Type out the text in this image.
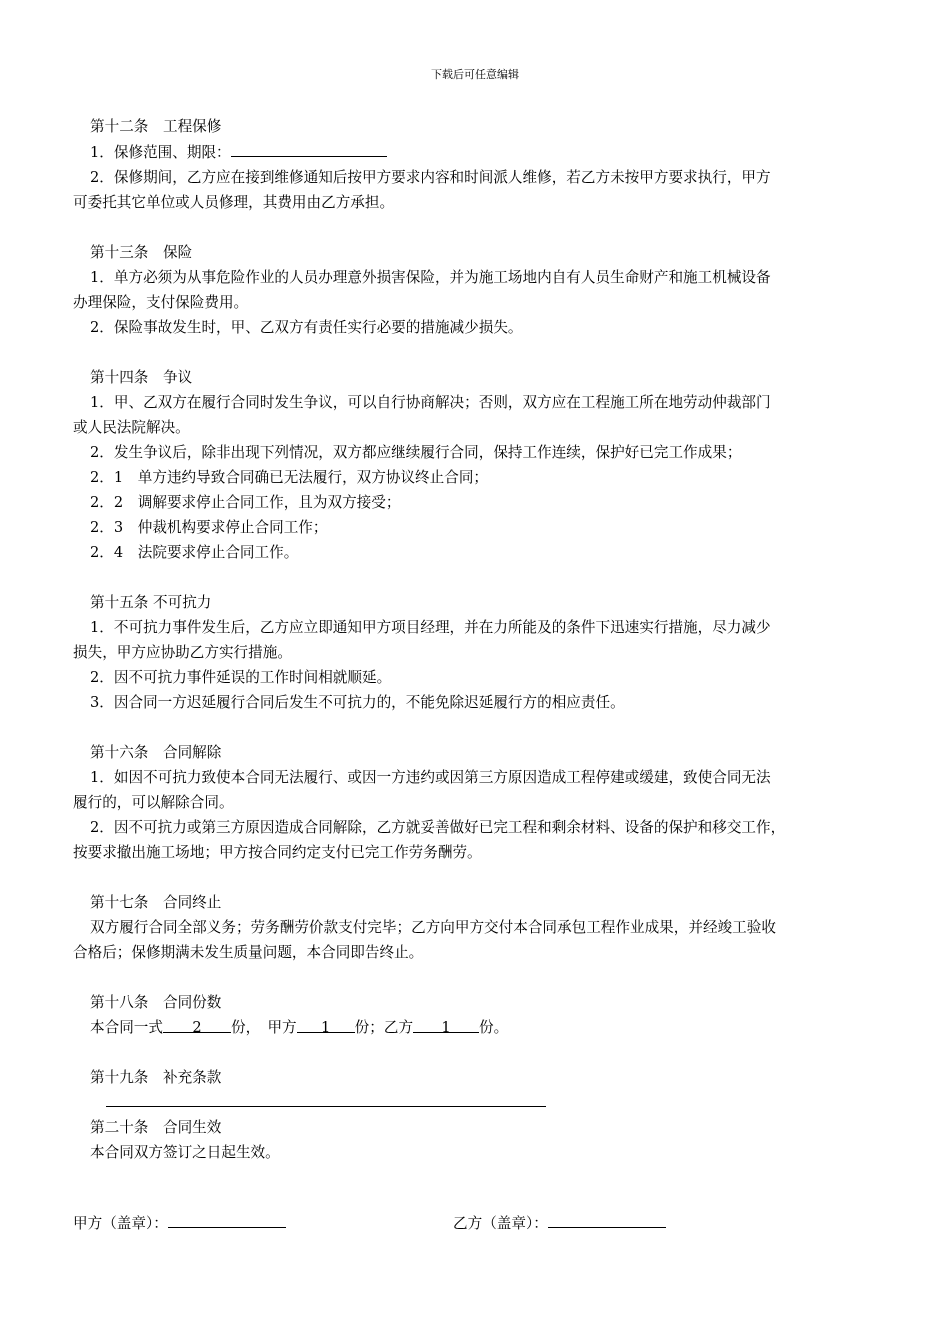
下载后可任意编辑
第十二条　工程保修
1．保修范围、期限：
2．保修期间，乙方应在接到维修通知后按甲方要求内容和时间派人维修，若乙方未按甲方要求执行，甲方
可委托其它单位或人员修理，其费用由乙方承担。
第十三条　保险
1．单方必须为从事危险作业的人员办理意外损害保险，并为施工场地内自有人员生命财产和施工机械设备
办理保险，支付保险费用。
2．保险事故发生时，甲、乙双方有责任实行必要的措施减少损失。
第十四条　争议
1．甲、乙双方在履行合同时发生争议，可以自行协商解决；否则，双方应在工程施工所在地劳动仲裁部门
或人民法院解决。
2．发生争议后，除非出现下列情况，双方都应继续履行合同，保持工作连续，保护好已完工作成果；
2．1　单方违约导致合同确已无法履行，双方协议终止合同；
2．2　调解要求停止合同工作，且为双方接受；
2．3　仲裁机构要求停止合同工作；
2．4　法院要求停止合同工作。
第十五条 不可抗力
1．不可抗力事件发生后，乙方应立即通知甲方项目经理，并在力所能及的条件下迅速实行措施，尽力减少
损失，甲方应协助乙方实行措施。
2．因不可抗力事件延误的工作时间相就顺延。
3．因合同一方迟延履行合同后发生不可抗力的，不能免除迟延履行方的相应责任。
第十六条　合同解除
1．如因不可抗力致使本合同无法履行、或因一方违约或因第三方原因造成工程停建或缓建，致使合同无法
履行的，可以解除合同。
2．因不可抗力或第三方原因造成合同解除，乙方就妥善做好已完工程和剩余材料、设备的保护和移交工作，
按要求撤出施工场地；甲方按合同约定支付已完工作劳务酬劳。
第十七条　合同终止
双方履行合同全部义务；劳务酬劳价款支付完毕；乙方向甲方交付本合同承包工程作业成果，并经竣工验收
合格后；保修期满未发生质量问题，本合同即告终止。
第十八条　合同份数
本合同一式 2 份，　甲方 1 份；乙方 1 份。
第十九条　补充条款
第二十条　合同生效
本合同双方签订之日起生效。
甲方（盖章）：	乙方（盖章）：
